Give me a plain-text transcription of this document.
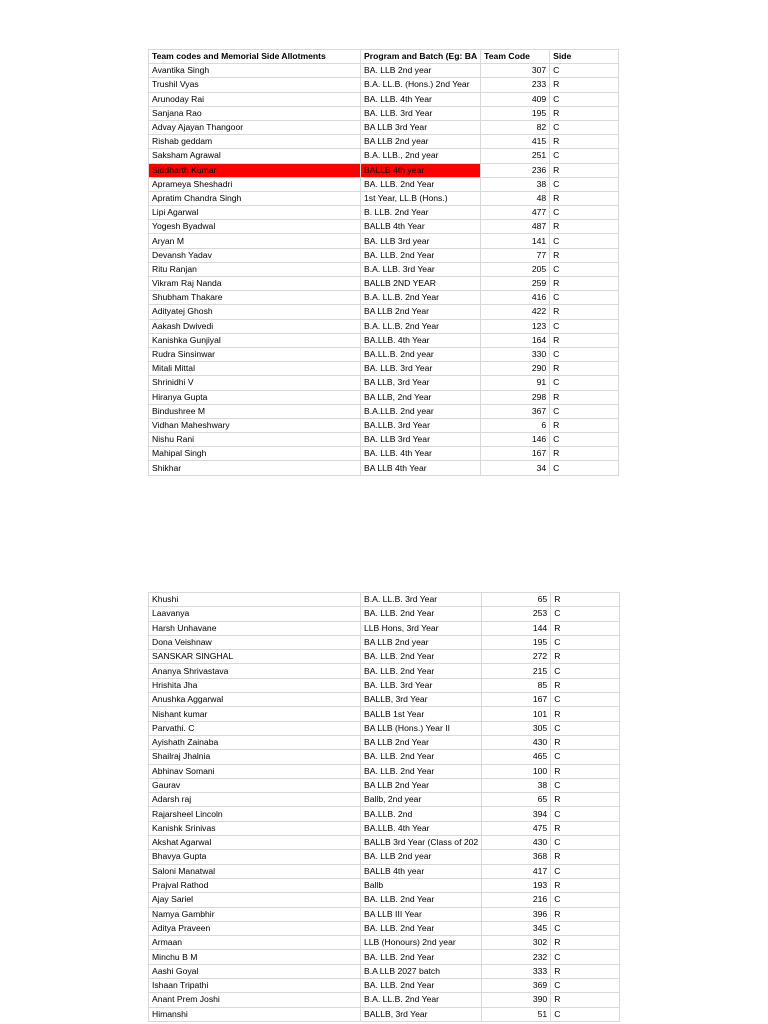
Team codes and Memorial Side Allotments	Program and Batch (Eg: BA	Team Code	Side
Avantika Singh	BA. LLB 2nd year	307	C
Trushil Vyas	B.A. LL.B. (Hons.) 2nd Year	233	R
Arunoday Rai	BA. LLB. 4th Year	409	C
Sanjana Rao	BA. LLB. 3rd Year	195	R
Advay Ajayan Thangoor	BA LLB 3rd Year	82	C
Rishab geddam	BA LLB 2nd year	415	R
Saksham Agrawal	B.A. LLB., 2nd year	251	C
Siddharth Kumar	BALLB 4th year	236	R
Aprameya Sheshadri	BA. LLB. 2nd Year	38	C
Apratim Chandra Singh	1st Year, LL.B (Hons.)	48	R
Lipi Agarwal	B. LLB. 2nd Year	477	C
Yogesh Byadwal	BALLB 4th Year	487	R
Aryan M	BA. LLB 3rd year	141	C
Devansh Yadav	BA. LLB. 2nd Year	77	R
Ritu Ranjan	B.A. LLB. 3rd Year	205	C
Vikram Raj Nanda	BALLB 2ND YEAR	259	R
Shubham Thakare	B.A. LL.B. 2nd Year	416	C
Adityatej Ghosh	BA LLB 2nd Year	422	R
Aakash Dwivedi	B.A. LL.B. 2nd Year	123	C
Kanishka Gunjiyal	BA.LLB. 4th Year	164	R
Rudra Sinsinwar	BA.LL.B. 2nd year	330	C
Mitali Mittal	BA. LLB. 3rd Year	290	R
Shrinidhi V	BA LLB, 3rd Year	91	C
Hiranya Gupta	BA LLB, 2nd Year	298	R
Bindushree M	B.A.LLB. 2nd year	367	C
Vidhan Maheshwary	BA.LLB. 3rd Year	6	R
Nishu Rani	BA. LLB 3rd Year	146	C
Mahipal Singh	BA. LLB. 4th Year	167	R
Shikhar	BA LLB 4th Year	34	C
Khushi	B.A. LL.B. 3rd Year	65	R
Laavanya	BA. LLB. 2nd Year	253	C
Harsh Unhavane	LLB Hons, 3rd Year	144	R
Dona Veishnaw	BA LLB 2nd year	195	C
SANSKAR SINGHAL	BA. LLB. 2nd Year	272	R
Ananya Shrivastava	BA. LLB. 2nd Year	215	C
Hrishita Jha	BA. LLB. 3rd Year	85	R
Anushka Aggarwal	BALLB, 3rd Year	167	C
Nishant kumar	BALLB 1st Year	101	R
Parvathi. C	BA LLB (Hons.) Year II	305	C
Ayishath Zainaba	BA LLB 2nd Year	430	R
Shailraj Jhalnia	BA. LLB. 2nd Year	465	C
Abhinav Somani	BA. LLB. 2nd Year	100	R
Gaurav	BA LLB 2nd Year	38	C
Adarsh raj	Ballb, 2nd year	65	R
Rajarsheel Lincoln	BA.LLB. 2nd	394	C
Kanishk Srinivas	BA.LLB. 4th Year	475	R
Akshat Agarwal	BALLB 3rd Year (Class of 202	430	C
Bhavya Gupta	BA. LLB 2nd year	368	R
Saloni Manatwal	BALLB 4th year	417	C
Prajval Rathod	Ballb	193	R
Ajay Sariel	BA. LLB. 2nd Year	216	C
Namya Gambhir	BA LLB III Year	396	R
Aditya Praveen	BA. LLB. 2nd Year	345	C
Armaan	LLB (Honours) 2nd year	302	R
Minchu B M	BA. LLB. 2nd Year	232	C
Aashi Goyal	B.A LLB 2027 batch	333	R
Ishaan Tripathi	BA. LLB. 2nd Year	369	C
Anant Prem Joshi	B.A. LL.B. 2nd Year	390	R
Himanshi	BALLB, 3rd Year	51	C
